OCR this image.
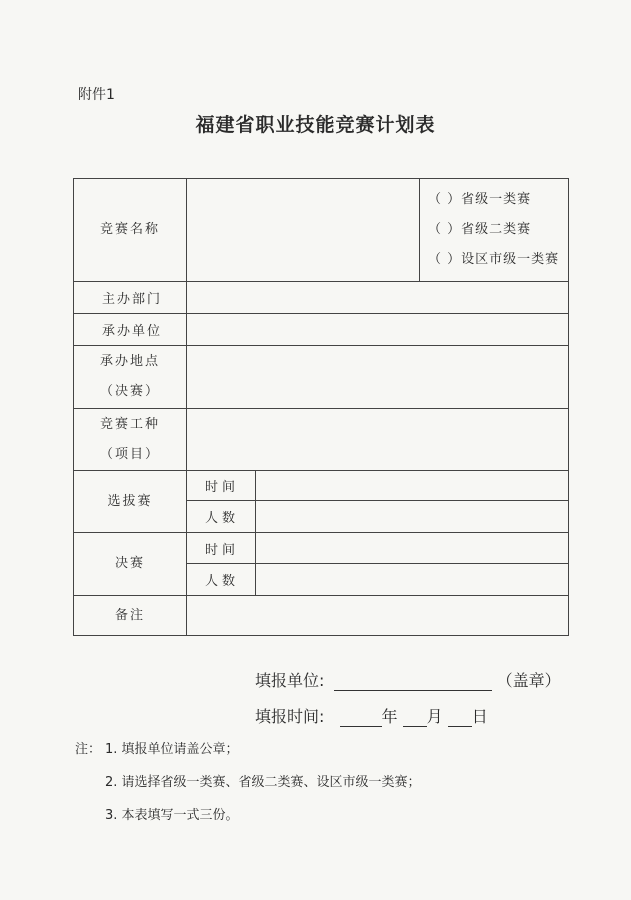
附件1
福建省职业技能竞赛计划表
竞赛名称			（ ）省级一类赛
（ ）省级二类赛
（ ）设区市级一类赛

主办部门			
承办单位			

承办地点
（决赛）			

竞赛工种
（项目）			

选拔赛	时间		
	人数		
决赛	时间		
	人数		
备注			
填报单位:	（盖章）
填报时间:	年 月 日
注： 1. 填报单位请盖公章；
2. 请选择省级一类赛、省级二类赛、设区市级一类赛；
3. 本表填写一式三份。
